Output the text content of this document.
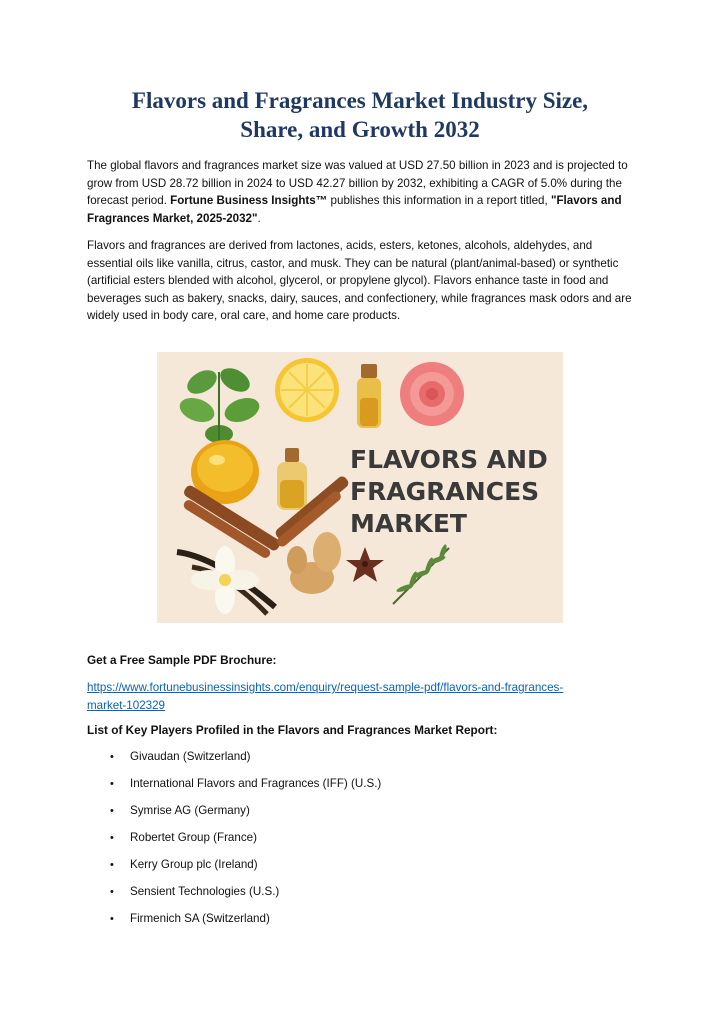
Flavors and Fragrances Market Industry Size,
Share, and Growth 2032

The global flavors and fragrances market size was valued at USD 27.50 billion in 2023 and is projected to grow from USD 28.72 billion in 2024 to USD 42.27 billion by 2032, exhibiting a CAGR of 5.0% during the forecast period. Fortune Business Insights™ publishes this information in a report titled, "Flavors and Fragrances Market, 2025-2032".

Flavors and fragrances are derived from lactones, acids, esters, ketones, alcohols, aldehydes, and essential oils like vanilla, citrus, castor, and musk. They can be natural (plant/animal-based) or synthetic (artificial esters blended with alcohol, glycerol, or propylene glycol). Flavors enhance taste in food and beverages such as bakery, snacks, dairy, sauces, and confectionery, while fragrances mask odors and are widely used in body care, oral care, and home care products.

FLAVORS AND
FRAGRANCES
MARKET

Get a Free Sample PDF Brochure:

https://www.fortunebusinessinsights.com/enquiry/request-sample-pdf/flavors-and-fragrances-
market-102329

List of Key Players Profiled in the Flavors and Fragrances Market Report:

• Givaudan (Switzerland)
• International Flavors and Fragrances (IFF) (U.S.)
• Symrise AG (Germany)
• Robertet Group (France)
• Kerry Group plc (Ireland)
• Sensient Technologies (U.S.)
• Firmenich SA (Switzerland)
